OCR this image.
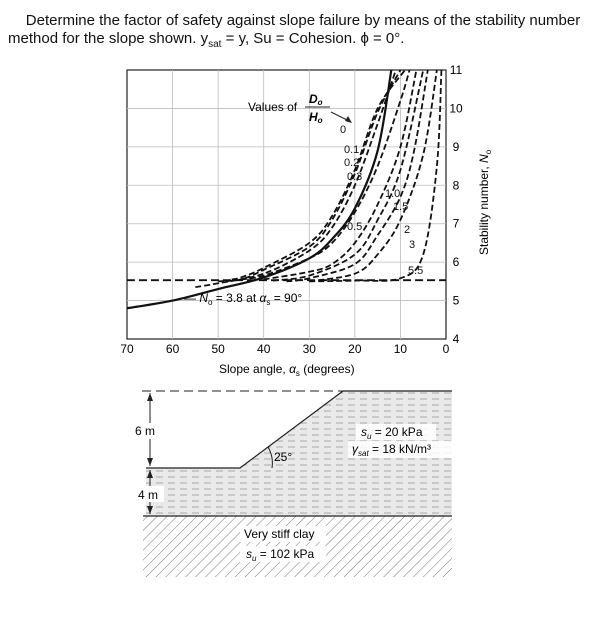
Determine the factor of safety against slope failure by means of the stability number
method for the slope shown. $y_{sat} = y$, Su = Cohesion. ϕ = 0°.
70	60	50	40	30	20	10	0
4
5
6
7
8
9
10
11
0
0.1
0.2
0.3
1.0
1.5
0.5	2
3
5.5
Values of
Do
Ho
— $N_o = 3.8$ at $\alpha_s = 90^\circ$
Slope angle, $\alpha_s$ (degrees)
Stability number, $N_o$
6 m
4 m
25°
$s_u = 20$ kPa
$\gamma_{sat} = 18$ kN/m³
Very stiff clay
$s_u = 102$ kPa
